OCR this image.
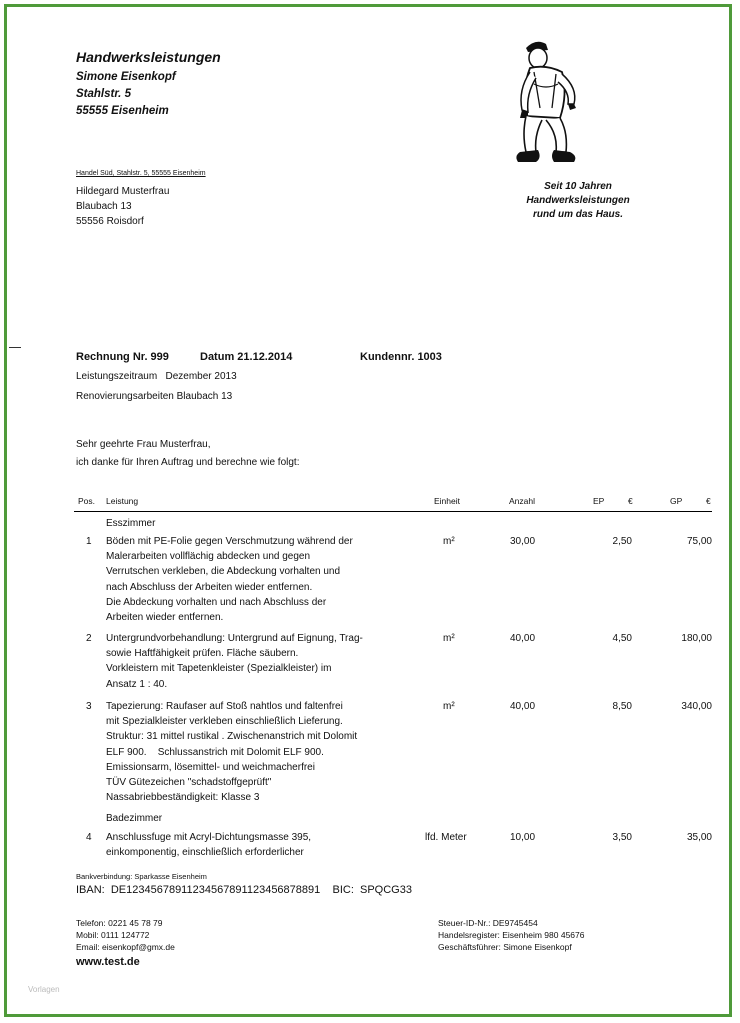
Handwerksleistungen
Simone Eisenkopf
Stahlstr. 5
55555 Eisenheim
Seit 10 Jahren
Handwerksleistungen
rund um das Haus.
Handel Süd, Stahlstr. 5, 55555 Eisenheim
Hildegard Musterfrau
Blaubach 13
55556 Roisdorf
Rechnung Nr. 999	Datum 21.12.2014	Kundennr. 1003
Leistungszeitraum   Dezember 2013
Renovierungsarbeiten Blaubach 13
Sehr geehrte Frau Musterfrau,
ich danke für Ihren Auftrag und berechne wie folgt:
Pos. Leistung	Einheit	Anzahl	EP	€	GP	€
Esszimmer
1 Böden mit PE-Folie gegen Verschmutzung während der
Malerarbeiten vollflächig abdecken und gegen
Verrutschen verkleben, die Abdeckung vorhalten und
nach Abschluss der Arbeiten wieder entfernen.
Die Abdeckung vorhalten und nach Abschluss der
Arbeiten wieder entfernen.
m²	30,00	2,50	75,00
2 Untergrundvorbehandlung: Untergrund auf Eignung, Trag-
sowie Haftfähigkeit prüfen. Fläche säubern.
Vorkleistern mit Tapetenkleister (Spezialkleister) im
Ansatz 1 : 40.
m²	40,00	4,50	180,00
3 Tapezierung: Raufaser auf Stoß nahtlos und faltenfrei
mit Spezialkleister verkleben einschließlich Lieferung.
Struktur: 31 mittel rustikal . Zwischenanstrich mit Dolomit
ELF 900.    Schlussanstrich mit Dolomit ELF 900.
Emissionsarm, lösemittel- und weichmacherfrei
TÜV Gütezeichen "schadstoffgeprüft"
Nassabriebbeständigkeit: Klasse 3
m²	40,00	8,50	340,00
Badezimmer
4 Anschlussfuge mit Acryl-Dichtungsmasse 395,
einkomponentig, einschließlich erforderlicher
lfd. Meter	10,00	3,50	35,00
Bankverbindung: Sparkasse Eisenheim
IBAN:  DE12345678911234567891123456878891    BIC:  SPQCG33
Telefon: 0221 45 78 79
Mobil: 0111 124772
Email: eisenkopf@gmx.de
www.test.de
Steuer-ID-Nr.: DE9745454
Handelsregister: Eisenheim 980 45676
Geschäftsführer: Simone Eisenkopf
Vorlagen
